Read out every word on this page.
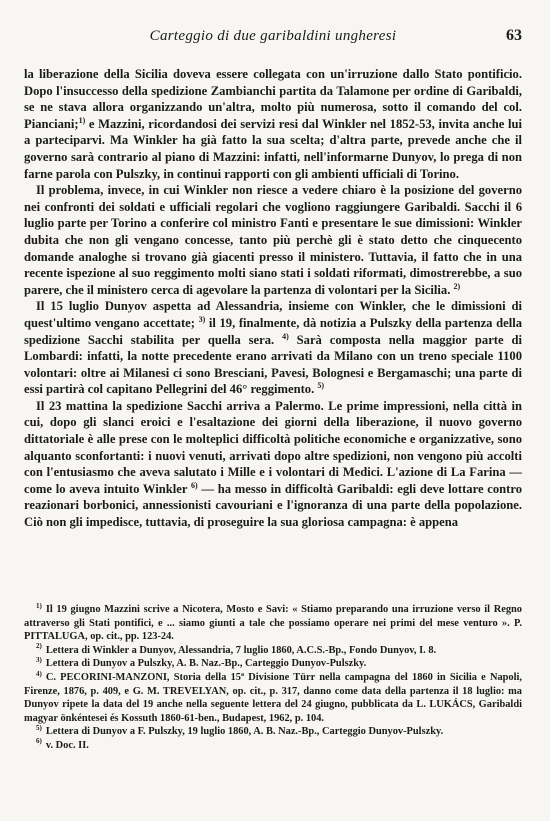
Carteggio di due garibaldini ungheresi	63

la liberazione della Sicilia doveva essere collegata con un'irruzione dallo Stato pontificio. Dopo l'insuccesso della spedizione Zambianchi partita da Talamone per ordine di Garibaldi, se ne stava allora organizzando un'altra, molto più numerosa, sotto il comando del col. Pianciani;$^{1)}$ e Mazzini, ricordandosi dei servizi resi dal Winkler nel 1852-53, invita anche lui a parteciparvi. Ma Winkler ha già fatto la sua scelta; d'altra parte, prevede anche che il governo sarà contrario al piano di Mazzini: infatti, nell'informarne Dunyov, lo prega di non farne parola con Pulszky, in continui rapporti con gli ambienti ufficiali di Torino.

Il problema, invece, in cui Winkler non riesce a vedere chiaro è la posizione del governo nei confronti dei soldati e ufficiali regolari che vogliono raggiungere Garibaldi. Sacchi il 6 luglio parte per Torino a conferire col ministro Fanti e presentare le sue dimissioni: Winkler dubita che non gli vengano concesse, tanto più perchè gli è stato detto che cinquecento domande analoghe si trovano già giacenti presso il ministero. Tuttavia, il fatto che in una recente ispezione al suo reggimento molti siano stati i soldati riformati, dimostrerebbe, a suo parere, che il ministero cerca di agevolare la partenza di volontari per la Sicilia. $^{2)}$

Il 15 luglio Dunyov aspetta ad Alessandria, insieme con Winkler, che le dimissioni di quest'ultimo vengano accettate; $^{3)}$ il 19, finalmente, dà notizia a Pulszky della partenza della spedizione Sacchi stabilita per quella sera. $^{4)}$ Sarà composta nella maggior parte di Lombardi: infatti, la notte precedente erano arrivati da Milano con un treno speciale 1100 volontari: oltre ai Milanesi ci sono Bresciani, Pavesi, Bolognesi e Bergamaschi; una parte di essi partirà col capitano Pellegrini del 46° reggimento. $^{5)}$

Il 23 mattina la spedizione Sacchi arriva a Palermo. Le prime impressioni, nella città in cui, dopo gli slanci eroici e l'esaltazione dei giorni della liberazione, il nuovo governo dittatoriale è alle prese con le molteplici difficoltà politiche economiche e organizzative, sono alquanto sconfortanti: i nuovi venuti, arrivati dopo altre spedizioni, non vengono più accolti con l'entusiasmo che aveva salutato i Mille e i volontari di Medici. L'azione di La Farina — come lo aveva intuito Winkler $^{6)}$ — ha messo in difficoltà Garibaldi: egli deve lottare contro reazionari borbonici, annessionisti cavouriani e l'ignoranza di una parte della popolazione. Ciò non gli impedisce, tuttavia, di proseguire la sua gloriosa campagna: è appena

$^{1)}$ Il 19 giugno Mazzini scrive a Nicotera, Mosto e Savi: « Stiamo preparando una irruzione verso il Regno attraverso gli Stati pontifici, e ... siamo giunti a tale che possiamo operare nei primi del mese venturo ». P. PITTALUGA, op. cit., pp. 123-24.

$^{2)}$ Lettera di Winkler a Dunyov, Alessandria, 7 luglio 1860, A.C.S.-Bp., Fondo Dunyov, I. 8.

$^{3)}$ Lettera di Dunyov a Pulszky, A. B. Naz.-Bp., Carteggio Dunyov-Pulszky.

$^{4)}$ C. PECORINI-MANZONI, Storia della 15ª Divisione Türr nella campagna del 1860 in Sicilia e Napoli, Firenze, 1876, p. 409, e G. M. TREVELYAN, op. cit., p. 317, danno come data della partenza il 18 luglio: ma Dunyov ripete la data del 19 anche nella seguente lettera del 24 giugno, pubblicata da L. LUKÁCS, Garibaldi magyar önkéntesei és Kossuth 1860-61-ben., Budapest, 1962, p. 104.

$^{5)}$ Lettera di Dunyov a F. Pulszky, 19 luglio 1860, A. B. Naz.-Bp., Carteggio Dunyov-Pulszky.

$^{6)}$ v. Doc. II.
